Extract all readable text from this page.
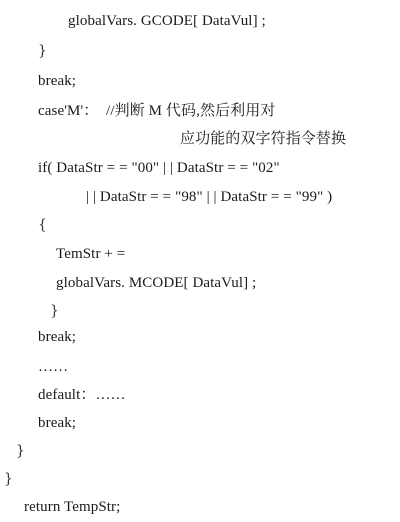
globalVars. GCODE[ DataVul] ;
}
break;
case'M'：  //判断 M 代码,然后利用对
应功能的双字符指令替换
if( DataStr = = "00" | | DataStr = = "02"
| | DataStr = = "98" | | DataStr = = "99" )
{
TemStr + =
globalVars. MCODE[ DataVul] ;
}
break;
……
default：……
break;
}
}
return TempStr;
